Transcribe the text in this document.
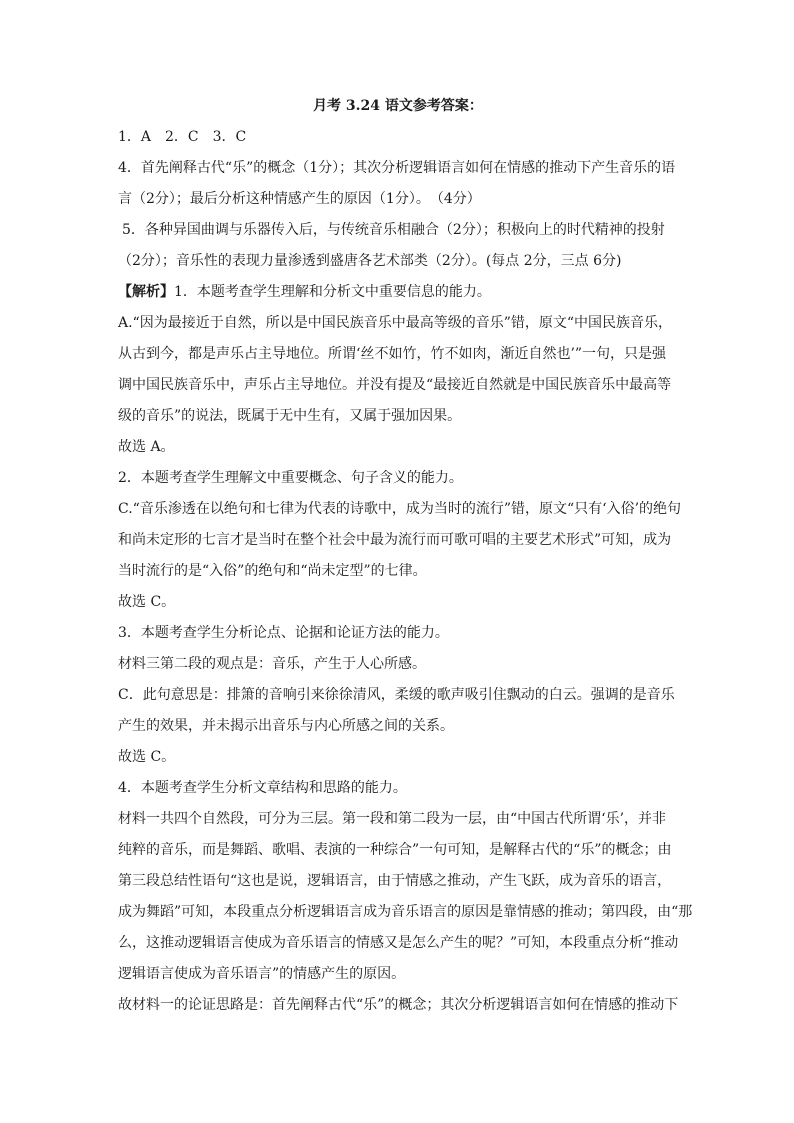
月考 3.24 语文参考答案：

1．A　2．C　3．C

4．首先阐释古代“乐”的概念（1分）；其次分析逻辑语言如何在情感的推动下产生音乐的语

言（2分）；最后分析这种情感产生的原因（1分）。　（4分）

5．各种异国曲调与乐器传入后，与传统音乐相融合（2分）；积极向上的时代精神的投射

（2分）；音乐性的表现力量渗透到盛唐各艺术部类（2分）。(每点 2分，三点 6分)

【解析】1．本题考查学生理解和分析文中重要信息的能力。

A.“因为最接近于自然，所以是中国民族音乐中最高等级的音乐”错，原文“中国民族音乐，

从古到今，都是声乐占主导地位。所谓‘丝不如竹，竹不如肉，渐近自然也’”一句，只是强

调中国民族音乐中，声乐占主导地位。并没有提及“最接近自然就是中国民族音乐中最高等

级的音乐”的说法，既属于无中生有，又属于强加因果。

故选 A。

2．本题考查学生理解文中重要概念、句子含义的能力。

C.“音乐渗透在以绝句和七律为代表的诗歌中，成为当时的流行”错，原文“只有‘入俗’的绝句

和尚未定形的七言才是当时在整个社会中最为流行而可歌可唱的主要艺术形式”可知，成为

当时流行的是“入俗”的绝句和“尚未定型”的七律。

故选 C。

3．本题考查学生分析论点、论据和论证方法的能力。

材料三第二段的观点是：音乐，产生于人心所感。

C．此句意思是：排箫的音响引来徐徐清风，柔缓的歌声吸引住飘动的白云。强调的是音乐

产生的效果，并未揭示出音乐与内心所感之间的关系。

故选 C。

4．本题考查学生分析文章结构和思路的能力。

材料一共四个自然段，可分为三层。第一段和第二段为一层，由“中国古代所谓‘乐’，并非

纯粹的音乐，而是舞蹈、歌唱、表演的一种综合”一句可知，是解释古代的“乐”的概念；由

第三段总结性语句“这也是说，逻辑语言，由于情感之推动，产生飞跃，成为音乐的语言，

成为舞蹈”可知，本段重点分析逻辑语言成为音乐语言的原因是靠情感的推动；第四段，由“那

么，这推动逻辑语言使成为音乐语言的情感又是怎么产生的呢？”可知，本段重点分析“推动

逻辑语言使成为音乐语言”的情感产生的原因。

故材料一的论证思路是：首先阐释古代“乐”的概念；其次分析逻辑语言如何在情感的推动下
